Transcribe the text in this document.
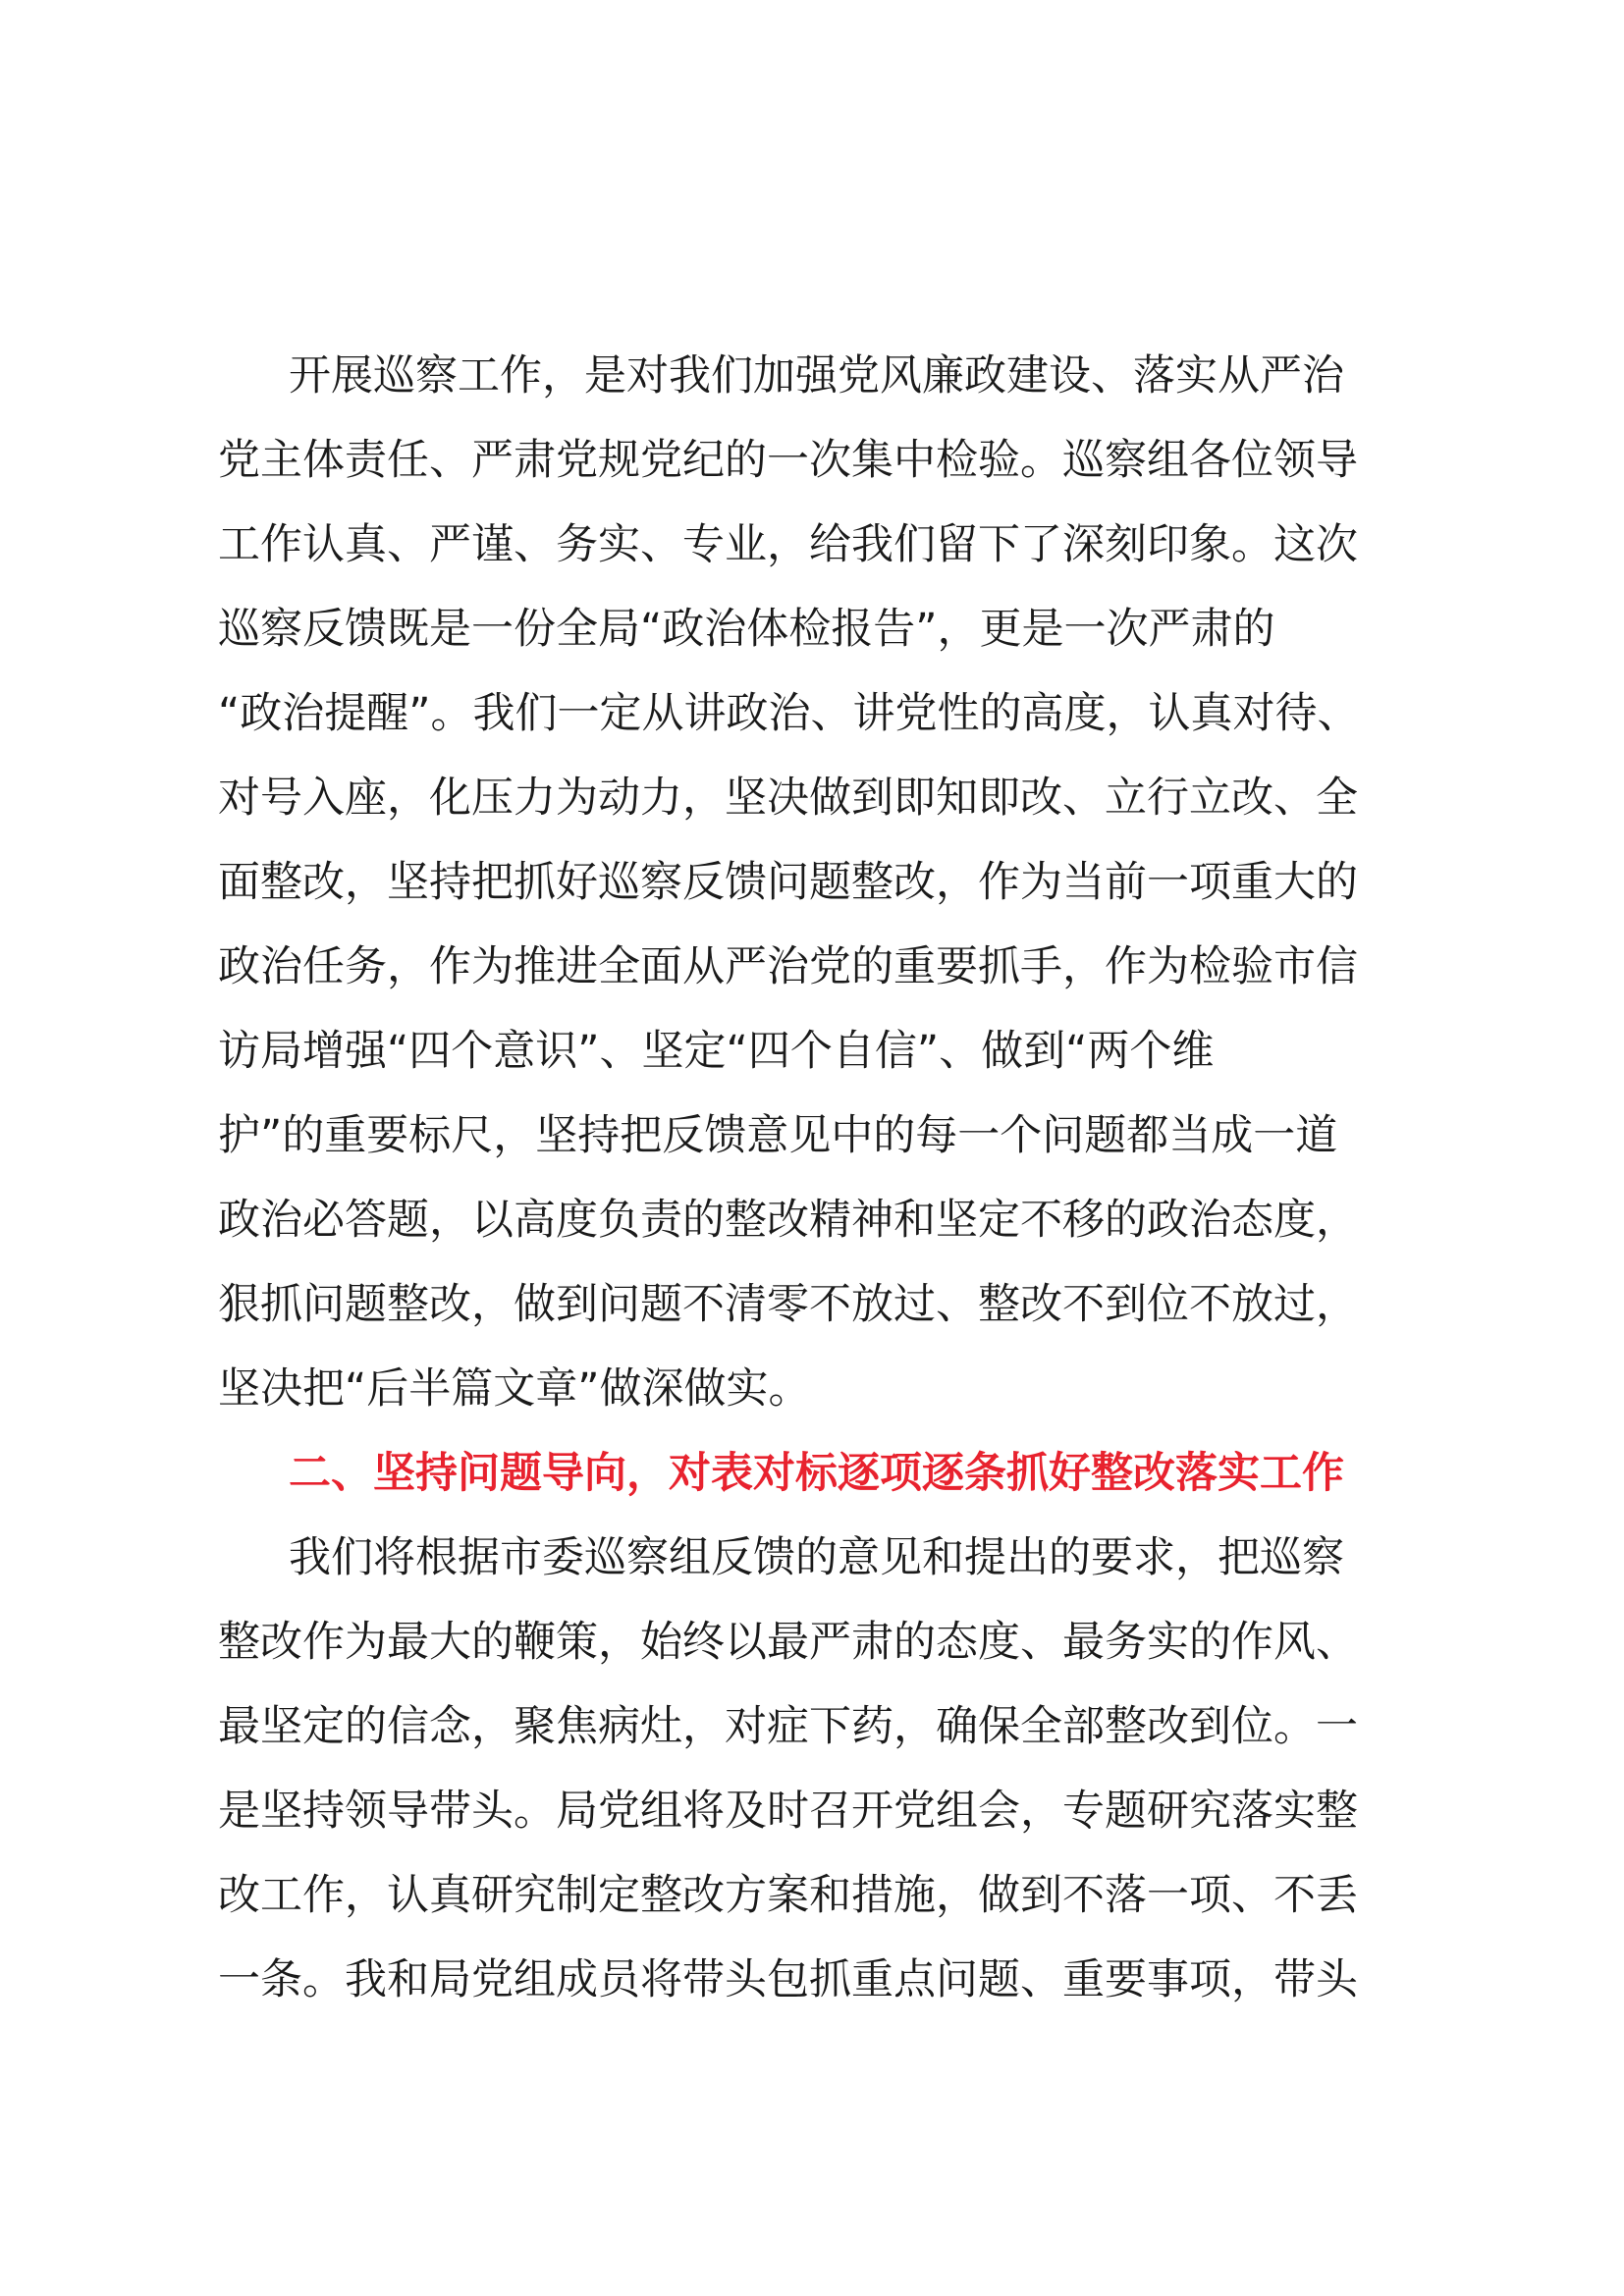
开展巡察工作，是对我们加强党风廉政建设、落实从严治
党主体责任、严肃党规党纪的一次集中检验。巡察组各位领导
工作认真、严谨、务实、专业，给我们留下了深刻印象。这次
巡察反馈既是一份全局“政治体检报告”，更是一次严肃的
“政治提醒”。我们一定从讲政治、讲党性的高度，认真对待、
对号入座，化压力为动力，坚决做到即知即改、立行立改、全
面整改，坚持把抓好巡察反馈问题整改，作为当前一项重大的
政治任务，作为推进全面从严治党的重要抓手，作为检验市信
访局增强“四个意识”、坚定“四个自信”、做到“两个维
护”的重要标尺，坚持把反馈意见中的每一个问题都当成一道
政治必答题，以高度负责的整改精神和坚定不移的政治态度，
狠抓问题整改，做到问题不清零不放过、整改不到位不放过，
坚决把“后半篇文章”做深做实。
二、坚持问题导向，对表对标逐项逐条抓好整改落实工作
我们将根据市委巡察组反馈的意见和提出的要求，把巡察
整改作为最大的鞭策，始终以最严肃的态度、最务实的作风、
最坚定的信念，聚焦病灶，对症下药，确保全部整改到位。一
是坚持领导带头。局党组将及时召开党组会，专题研究落实整
改工作，认真研究制定整改方案和措施，做到不落一项、不丢
一条。我和局党组成员将带头包抓重点问题、重要事项，带头
